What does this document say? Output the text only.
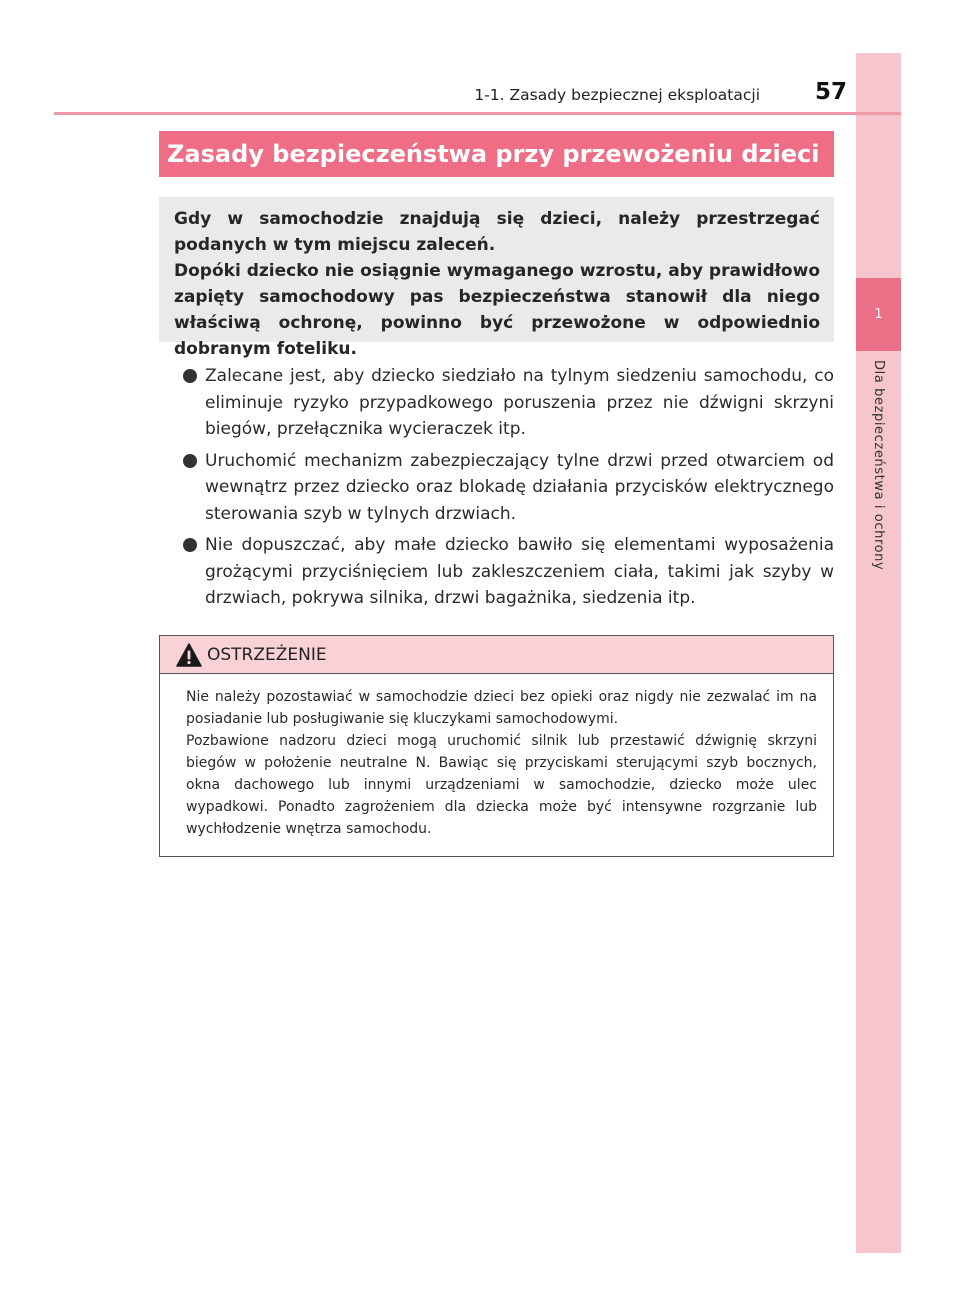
1
Dla bezpieczeństwa i ochrony
1-1. Zasady bezpiecznej eksploatacji 57
Zasady bezpieczeństwa przy przewożeniu dzieci

Gdy w samochodzie znajdują się dzieci, należy przestrzegać podanych w tym miejscu zaleceń.

Dopóki dziecko nie osiągnie wymaganego wzrostu, aby prawidłowo zapięty samochodowy pas bezpieczeństwa stanowił dla niego właściwą ochronę, powinno być przewożone w odpowiednio dobranym foteliku.

Zalecane jest, aby dziecko siedziało na tylnym siedzeniu samochodu, co eliminuje ryzyko przypadkowego poruszenia przez nie dźwigni skrzyni biegów, przełącznika wycieraczek itp.
Uruchomić mechanizm zabezpieczający tylne drzwi przed otwarciem od wewnątrz przez dziecko oraz blokadę działania przycisków elektrycznego sterowania szyb w tylnych drzwiach.
Nie dopuszczać, aby małe dziecko bawiło się elementami wyposażenia grożącymi przyciśnięciem lub zakleszczeniem ciała, takimi jak szyby w drzwiach, pokrywa silnika, drzwi bagażnika, siedzenia itp.
OSTRZEŻENIE

Nie należy pozostawiać w samochodzie dzieci bez opieki oraz nigdy nie zezwalać im na posiadanie lub posługiwanie się kluczykami samochodowymi.

Pozbawione nadzoru dzieci mogą uruchomić silnik lub przestawić dźwignię skrzyni biegów w położenie neutralne N. Bawiąc się przyciskami sterującymi szyb bocznych, okna dachowego lub innymi urządzeniami w samochodzie, dziecko może ulec wypadkowi. Ponadto zagrożeniem dla dziecka może być intensywne rozgrzanie lub wychłodzenie wnętrza samochodu.
